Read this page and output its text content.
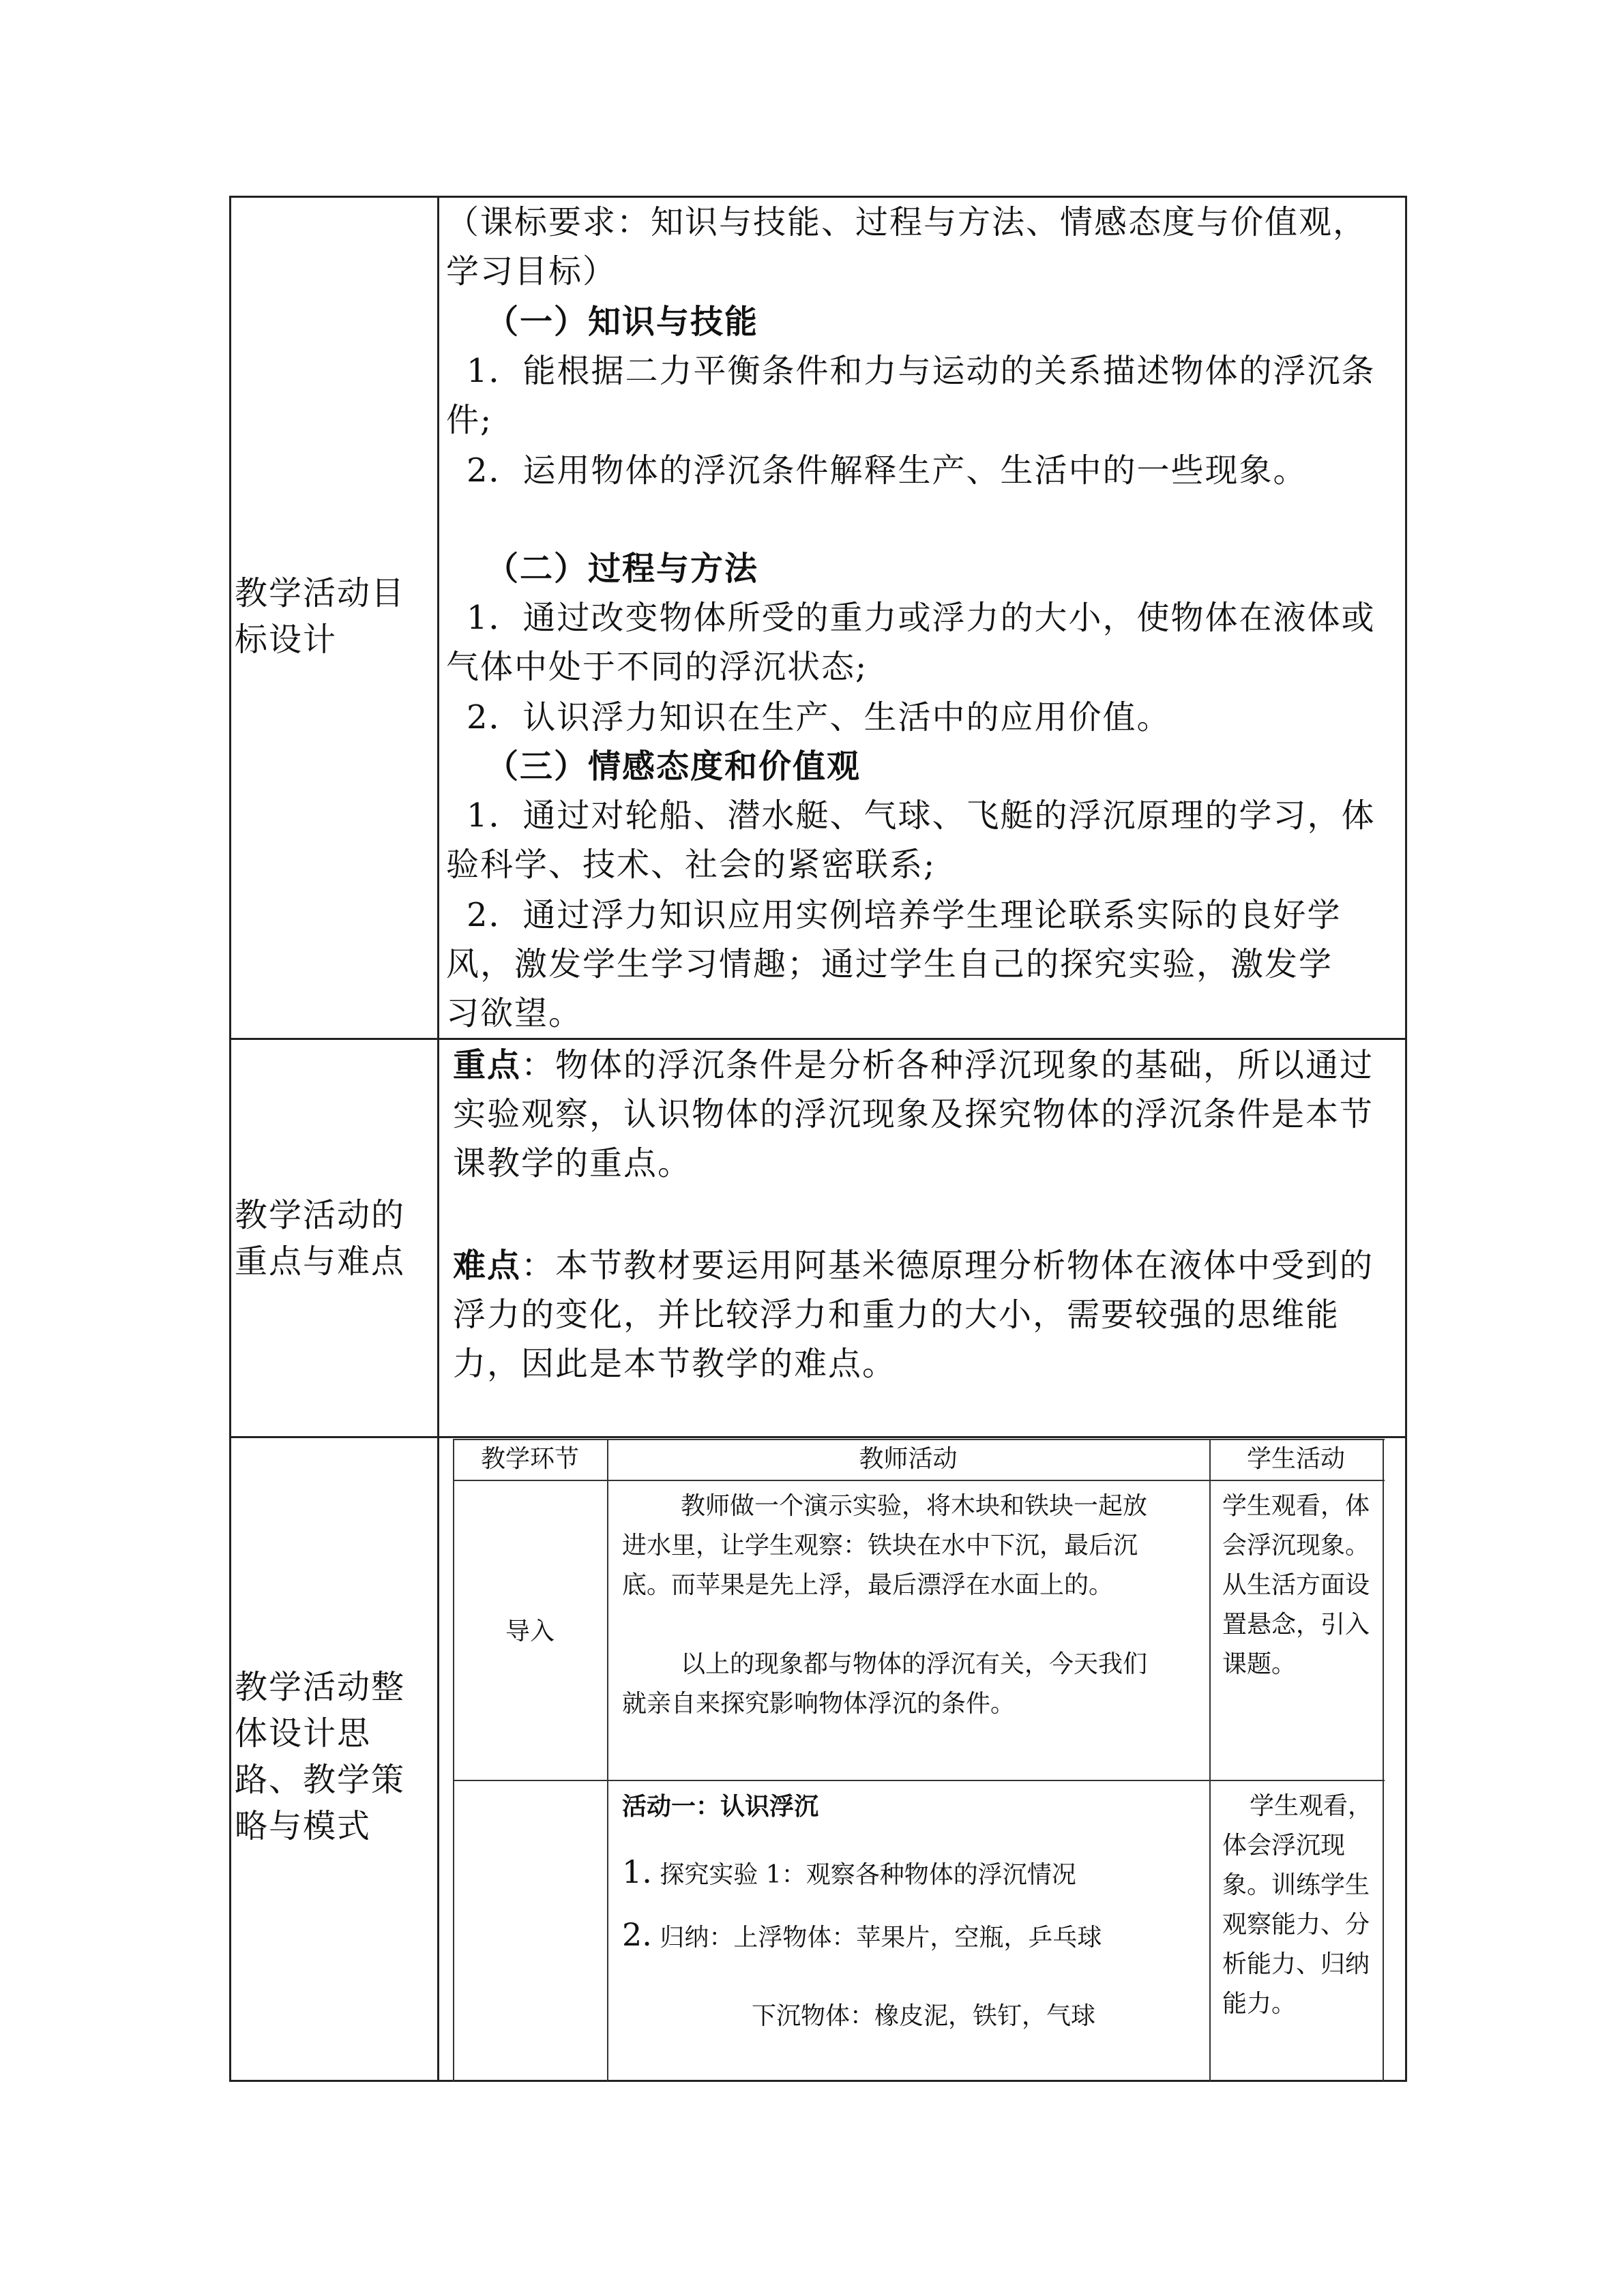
教学活动目标设计
（课标要求：知识与技能、过程与方法、情感态度与价值观，学习目标）
（一）知识与技能
1．能根据二力平衡条件和力与运动的关系描述物体的浮沉条件;
2．运用物体的浮沉条件解释生产、生活中的一些现象。
（二）过程与方法
1．通过改变物体所受的重力或浮力的大小，使物体在液体或气体中处于不同的浮沉状态;
2．认识浮力知识在生产、生活中的应用价值。
（三）情感态度和价值观
1．通过对轮船、潜水艇、气球、飞艇的浮沉原理的学习，体验科学、技术、社会的紧密联系;
2．通过浮力知识应用实例培养学生理论联系实际的良好学风，激发学生学习情趣；通过学生自己的探究实验，激发学习欲望。
教学活动的重点与难点
重点：物体的浮沉条件是分析各种浮沉现象的基础，所以通过实验观察，认识物体的浮沉现象及探究物体的浮沉条件是本节课教学的重点。
难点：本节教材要运用阿基米德原理分析物体在液体中受到的浮力的变化，并比较浮力和重力的大小，需要较强的思维能力，因此是本节教学的难点。
教学活动整体设计思路、教学策略与模式
教学环节	教师活动	学生活动
导入
教师做一个演示实验，将木块和铁块一起放进水里，让学生观察：铁块在水中下沉，最后沉底。而苹果是先上浮，最后漂浮在水面上的。
以上的现象都与物体的浮沉有关，今天我们就亲自来探究影响物体浮沉的条件。
学生观看，体会浮沉现象。从生活方面设置悬念，引入课题。
活动一：认识浮沉
1. 探究实验 1：观察各种物体的浮沉情况
2. 归纳：上浮物体：苹果片，空瓶，乒乓球
下沉物体：橡皮泥，铁钉，气球
学生观看，体会浮沉现象。训练学生观察能力、分析能力、归纳能力。
